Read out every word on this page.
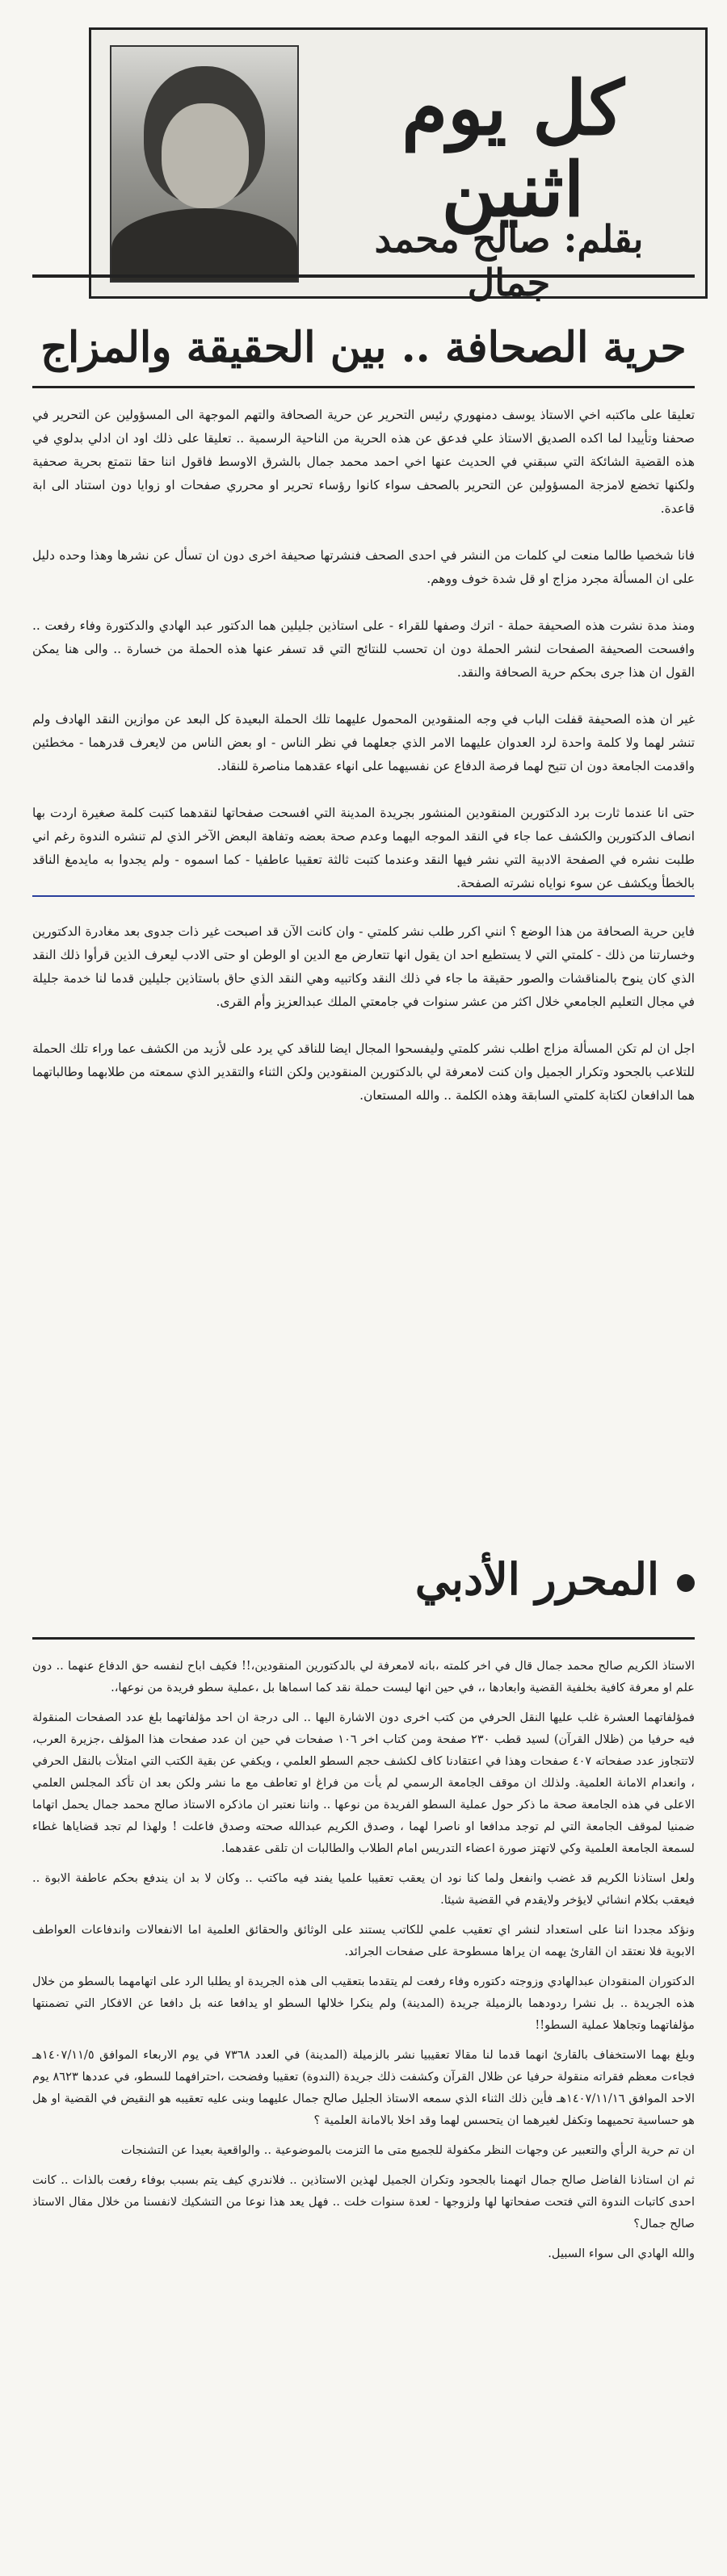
كل يوم اثنين
بقلم: صالح محمد جمال
حرية الصحافة .. بين الحقيقة والمزاج

تعليقا على ماكتبه اخي الاستاذ يوسف دمنهوري رئيس التحرير عن حرية الصحافة والتهم الموجهة الى المسؤولين عن التحرير في صحفنا وتأييدا لما اكده الصديق الاستاذ علي فدعق عن هذه الحرية من الناحية الرسمية .. تعليقا على ذلك اود ان ادلي بدلوي في هذه القضية الشائكة التي سبقني في الحديث عنها اخي احمد محمد جمال بالشرق الاوسط فاقول اننا حقا نتمتع بحرية صحفية ولكنها تخضع لامزجة المسؤولين عن التحرير بالصحف سواء كانوا رؤساء تحرير او محرري صفحات او زوايا دون استناد الى ابة قاعدة.

فانا شخصيا طالما منعت لي كلمات من النشر في احدى الصحف فنشرتها صحيفة اخرى دون ان تسأل عن نشرها وهذا وحده دليل على ان المسألة مجرد مزاج او قل شدة خوف ووهم.

ومنذ مدة نشرت هذه الصحيفة حملة - اترك وصفها للقراء - على استاذين جليلين هما الدكتور عبد الهادي والدكتورة وفاء رفعت .. وافسحت الصحيفة الصفحات لنشر الحملة دون ان تحسب للنتائج التي قد تسفر عنها هذه الحملة من خسارة .. والى هنا يمكن القول ان هذا جرى بحكم حرية الصحافة والنقد.

غير ان هذه الصحيفة قفلت الباب في وجه المنقودين المحمول عليهما تلك الحملة البعيدة كل البعد عن موازين النقد الهادف ولم تنشر لهما ولا كلمة واحدة لرد العدوان عليهما الامر الذي جعلهما في نظر الناس - او بعض الناس من لايعرف قدرهما - مخطئين واقدمت الجامعة دون ان تتيح لهما فرصة الدفاع عن نفسيهما على انهاء عقدهما مناصرة للنقاد.

حتى انا عندما ثارت برد الدكتورين المنقودين المنشور بجريدة المدينة التي افسحت صفحاتها لنقدهما كتبت كلمة صغيرة اردت بها انصاف الدكتورين والكشف عما جاء في النقد الموجه اليهما وعدم صحة بعضه وتفاهة البعض الآخر الذي لم تنشره الندوة رغم اني طلبت نشره في الصفحة الادبية التي نشر فيها النقد وعندما كتبت ثالثة تعقيبا عاطفيا - كما اسموه - ولم يجدوا به مايدمغ الناقد بالخطأ ويكشف عن سوء نواياه نشرته الصفحة.

فاين حرية الصحافة من هذا الوضع ؟ انني اكرر طلب نشر كلمتي - وان كانت الآن قد اصبحت غير ذات جدوى بعد مغادرة الدكتورين وخسارتنا من ذلك - كلمتي التي لا يستطيع احد ان يقول انها تتعارض مع الدين او الوطن او حتى الادب ليعرف الذين قرأوا ذلك النقد الذي كان ينوح بالمناقشات والصور حقيقة ما جاء في ذلك النقد وكاتبيه وهي النقد الذي حاق باستاذين جليلين قدما لنا خدمة جليلة في مجال التعليم الجامعي خلال اكثر من عشر سنوات في جامعتي الملك عبدالعزيز وأم القرى.

اجل ان لم تكن المسألة مزاج اطلب نشر كلمتي وليفسحوا المجال ايضا للناقد كي يرد على لأزيد من الكشف عما وراء تلك الحملة للتلاعب بالجحود وتكرار الجميل وان كنت لامعرفة لي بالدكتورين المنقودين ولكن الثناء والتقدير الذي سمعته من طلابهما وطالباتهما هما الدافعان لكتابة كلمتي السابقة وهذه الكلمة .. والله المستعان.

المحرر الأدبي

الاستاذ الكريم صالح محمد جمال قال في اخر كلمته ،بانه لامعرفة لي بالدكتورين المنقودين،!! فكيف اباح لنفسه حق الدفاع عنهما .. دون علم او معرفة كافية بخلفية القضية وابعادها ،، في حين انها ليست حملة نقد كما اسماها بل ،عملية سطو فريدة من نوعها،.

فمؤلفاتهما العشرة غلب عليها النقل الحرفي من كتب اخرى دون الاشارة اليها .. الى درجة ان احد مؤلفاتهما بلغ عدد الصفحات المنقولة فيه حرفيا من (ظلال القرآن) لسيد قطب ٢٣٠ صفحة ومن كتاب اخر ١٠٦ صفحات في حين ان عدد صفحات هذا المؤلف ،جزيرة العرب، لاتتجاوز عدد صفحاته ٤٠٧ صفحات وهذا في اعتقادنا كاف لكشف حجم السطو العلمي ، ويكفي عن بقية الكتب التي امتلأت بالنقل الحرفي ، وانعدام الامانة العلمية. ولذلك ان موقف الجامعة الرسمي لم يأت من فراغ او تعاطف مع ما نشر ولكن بعد ان تأكد المجلس العلمي الاعلى في هذه الجامعة صحة ما ذكر حول عملية السطو الفريدة من نوعها .. واننا نعتبر ان ماذكره الاستاذ صالح محمد جمال يحمل اتهاما ضمنيا لموقف الجامعة التي لم توجد مدافعا او ناصرا لهما ، وصدق الكريم عبدالله صحته وصدق فاعلت ! ولهذا لم تجد قضاياها غطاء لسمعة الجامعة العلمية وكي لاتهتز صورة اعضاء التدريس امام الطلاب والطالبات ان تلقى عقدهما.

ولعل استاذنا الكريم قد غضب وانفعل ولما كنا نود ان يعقب تعقيبا علميا يفند فيه ماكتب .. وكان لا بد ان يندفع بحكم عاطفة الابوة .. فيعقب بكلام انشائي لايؤخر ولايقدم في القضية شيئا.

ونؤكد مجددا اننا على استعداد لنشر اي تعقيب علمي للكاتب يستند على الوثائق والحقائق العلمية اما الانفعالات واندفاعات العواطف الابوية فلا نعتقد ان القارئ يهمه ان يراها مسطوحة على صفحات الجرائد.

الدكتوران المنقودان عبدالهادي وزوجته دكتوره وفاء رفعت لم يتقدما بتعقيب الى هذه الجريدة او يطلبا الرد على اتهامهما بالسطو من خلال هذه الجريدة .. بل نشرا ردودهما بالزميلة جريدة (المدينة) ولم ينكرا خلالها السطو او يدافعا عنه بل دافعا عن الافكار التي تضمنتها مؤلفاتهما وتجاهلا عملية السطو!!

وبلغ بهما الاستخفاف بالقارئ انهما قدما لنا مقالا تعقيبيا نشر بالزميلة (المدينة) في العدد ٧٣٦٨ في يوم الاربعاء الموافق ١٤٠٧/١١/٥هـ فجاءت معظم فقراته منقولة حرفيا عن ظلال القرآن وكشفت ذلك جريدة (الندوة) تعقيبا وفضحت ،احترافهما للسطو، في عددها ٨٦٢٣ يوم الاحد الموافق ١٤٠٧/١١/١٦هـ فأين ذلك الثناء الذي سمعه الاستاذ الجليل صالح جمال عليهما وبنى عليه تعقيبه هو النقيض في القضية او هل هو حساسية تحميهما وتكفل لغيرهما ان يتحسس لهما وقد اخلا بالامانة العلمية ؟

ان تم حرية الرأي والتعبير عن وجهات النظر مكفولة للجميع متى ما التزمت بالموضوعية .. والواقعية بعيدا عن التشنجات

ثم ان استاذنا الفاضل صالح جمال اتهمنا بالجحود وتكران الجميل لهذين الاستاذين .. فلاندري كيف يتم بسبب بوفاء رفعت بالذات .. كانت احدى كاتبات الندوة التي فتحت صفحاتها لها ولزوجها - لعدة سنوات خلت .. فهل يعد هذا نوعا من التشكيك لانفسنا من خلال مقال الاستاذ صالح جمال؟

والله الهادي الى سواء السبيل.
